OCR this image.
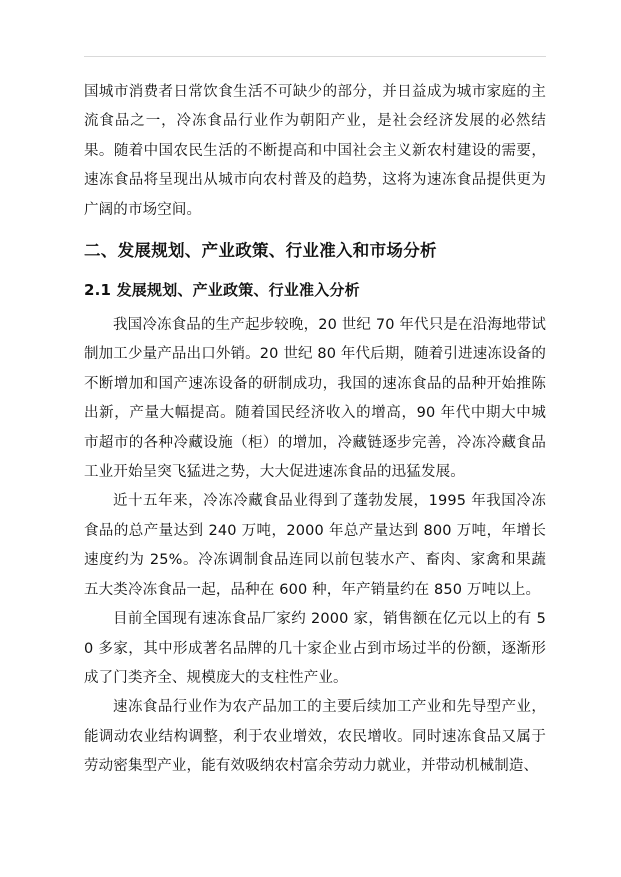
国城市消费者日常饮食生活不可缺少的部分，并日益成为城市家庭的主流食品之一，冷冻食品行业作为朝阳产业，是社会经济发展的必然结果。随着中国农民生活的不断提高和中国社会主义新农村建设的需要，速冻食品将呈现出从城市向农村普及的趋势，这将为速冻食品提供更为广阔的市场空间。

二、发展规划、产业政策、行业准入和市场分析
2.1 发展规划、产业政策、行业准入分析

我国冷冻食品的生产起步较晚，20 世纪 70 年代只是在沿海地带试制加工少量产品出口外销。20 世纪 80 年代后期，随着引进速冻设备的不断增加和国产速冻设备的研制成功，我国的速冻食品的品种开始推陈出新，产量大幅提高。随着国民经济收入的增高，90 年代中期大中城市超市的各种冷藏设施（柜）的增加，冷藏链逐步完善，冷冻冷藏食品工业开始呈突飞猛进之势，大大促进速冻食品的迅猛发展。

近十五年来，冷冻冷藏食品业得到了蓬勃发展，1995 年我国冷冻食品的总产量达到 240 万吨，2000 年总产量达到 800 万吨，年增长速度约为 25%。冷冻调制食品连同以前包装水产、畜肉、家禽和果蔬五大类冷冻食品一起，品种在 600 种，年产销量约在 850 万吨以上。

目前全国现有速冻食品厂家约 2000 家，销售额在亿元以上的有 50 多家，其中形成著名品牌的几十家企业占到市场过半的份额，逐渐形成了门类齐全、规模庞大的支柱性产业。

速冻食品行业作为农产品加工的主要后续加工产业和先导型产业，能调动农业结构调整，利于农业增效，农民增收。同时速冻食品又属于劳动密集型产业，能有效吸纳农村富余劳动力就业，并带动机械制造、
